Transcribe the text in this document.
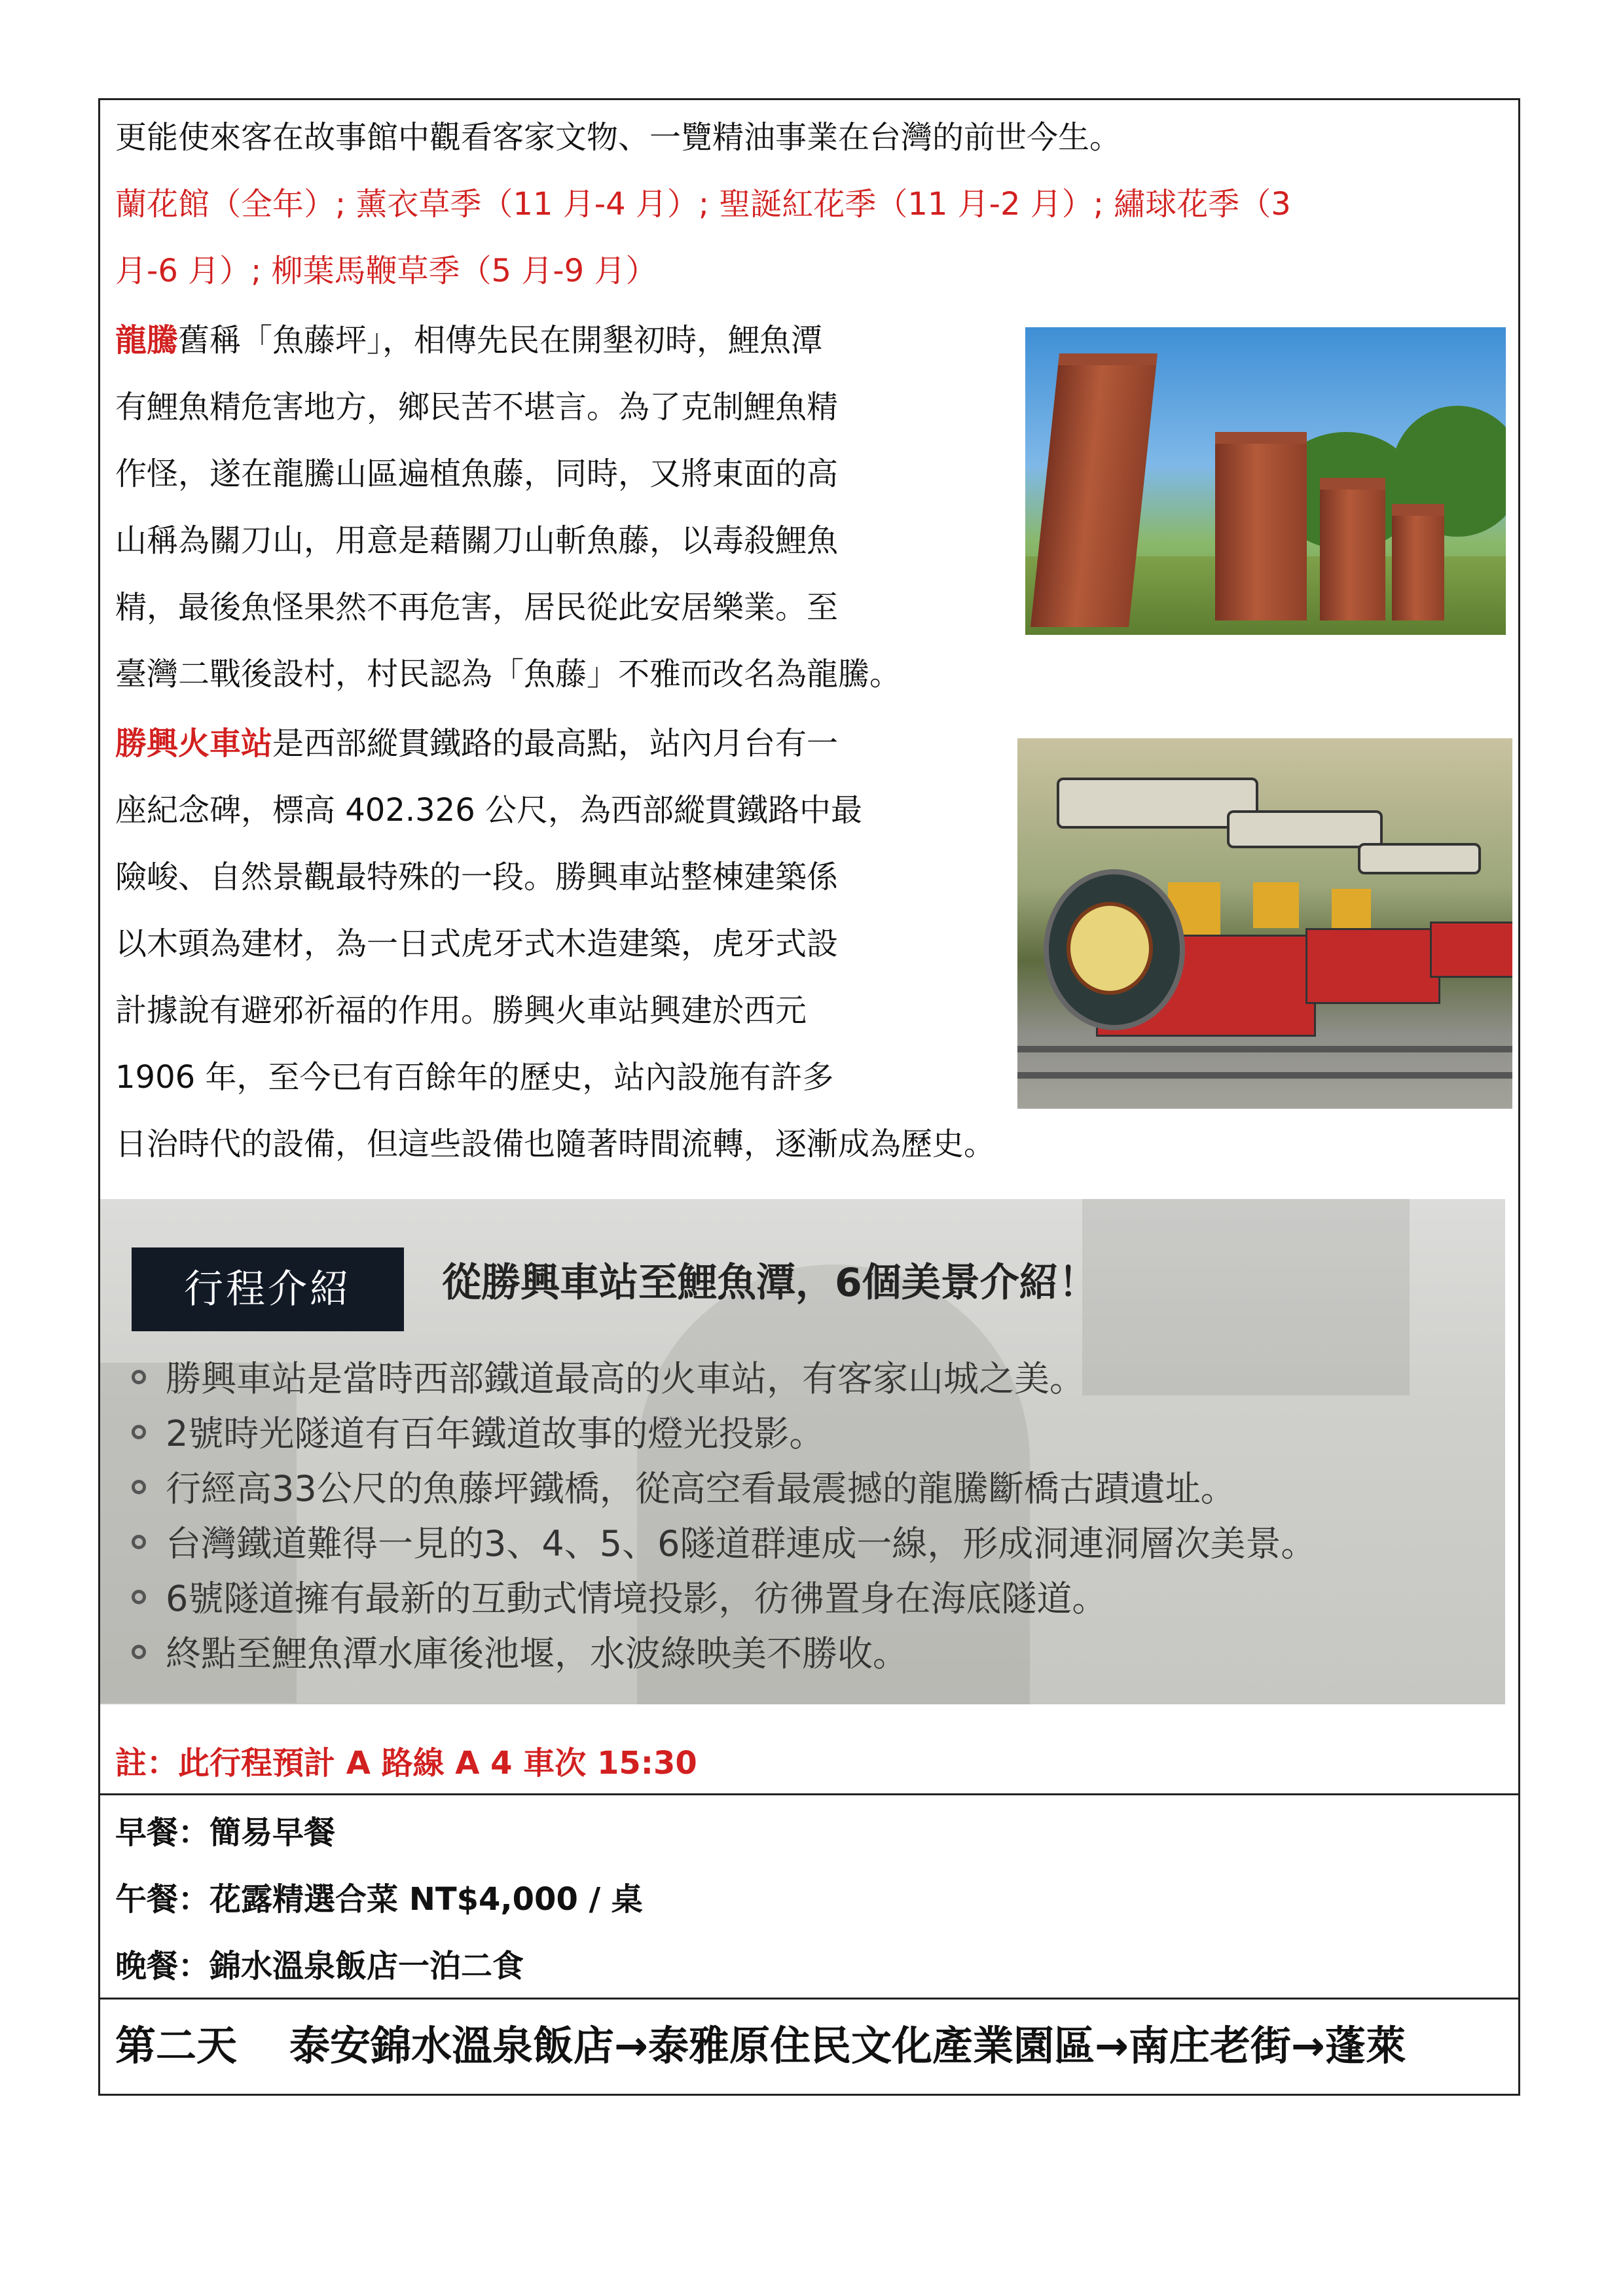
更能使來客在故事館中觀看客家文物、一覽精油事業在台灣的前世今生。
蘭花館（全年）; 薰衣草季（11 月-4 月）; 聖誕紅花季（11 月-2 月）; 繡球花季（3
月-6 月）; 柳葉馬鞭草季（5 月-9 月）
龍騰舊稱「魚藤坪」，相傳先民在開墾初時，鯉魚潭
有鯉魚精危害地方，鄉民苦不堪言。為了克制鯉魚精
作怪，遂在龍騰山區遍植魚藤，同時，又將東面的高
山稱為關刀山，用意是藉關刀山斬魚藤，以毒殺鯉魚
精，最後魚怪果然不再危害，居民從此安居樂業。至
臺灣二戰後設村，村民認為「魚藤」不雅而改名為龍騰。
勝興火車站是西部縱貫鐵路的最高點，站內月台有一
座紀念碑，標高 402.326 公尺，為西部縱貫鐵路中最
險峻、自然景觀最特殊的一段。勝興車站整棟建築係
以木頭為建材，為一日式虎牙式木造建築，虎牙式設
計據說有避邪祈福的作用。勝興火車站興建於西元
1906 年，至今已有百餘年的歷史，站內設施有許多
日治時代的設備，但這些設備也隨著時間流轉，逐漸成為歷史。
行程介紹	從勝興車站至鯉魚潭，6個美景介紹！
勝興車站是當時西部鐵道最高的火車站，有客家山城之美。
2號時光隧道有百年鐵道故事的燈光投影。
行經高33公尺的魚藤坪鐵橋，從高空看最震撼的龍騰斷橋古蹟遺址。
台灣鐵道難得一見的3、4、5、6隧道群連成一線，形成洞連洞層次美景。
6號隧道擁有最新的互動式情境投影，彷彿置身在海底隧道。
終點至鯉魚潭水庫後池堰，水波綠映美不勝收。
註：此行程預計 A 路線 A 4 車次 15:30
早餐：簡易早餐
午餐：花露精選合菜 NT$4,000 / 桌
晚餐：錦水溫泉飯店一泊二食
第二天 泰安錦水溫泉飯店→泰雅原住民文化產業園區→南庄老街→蓬萊
